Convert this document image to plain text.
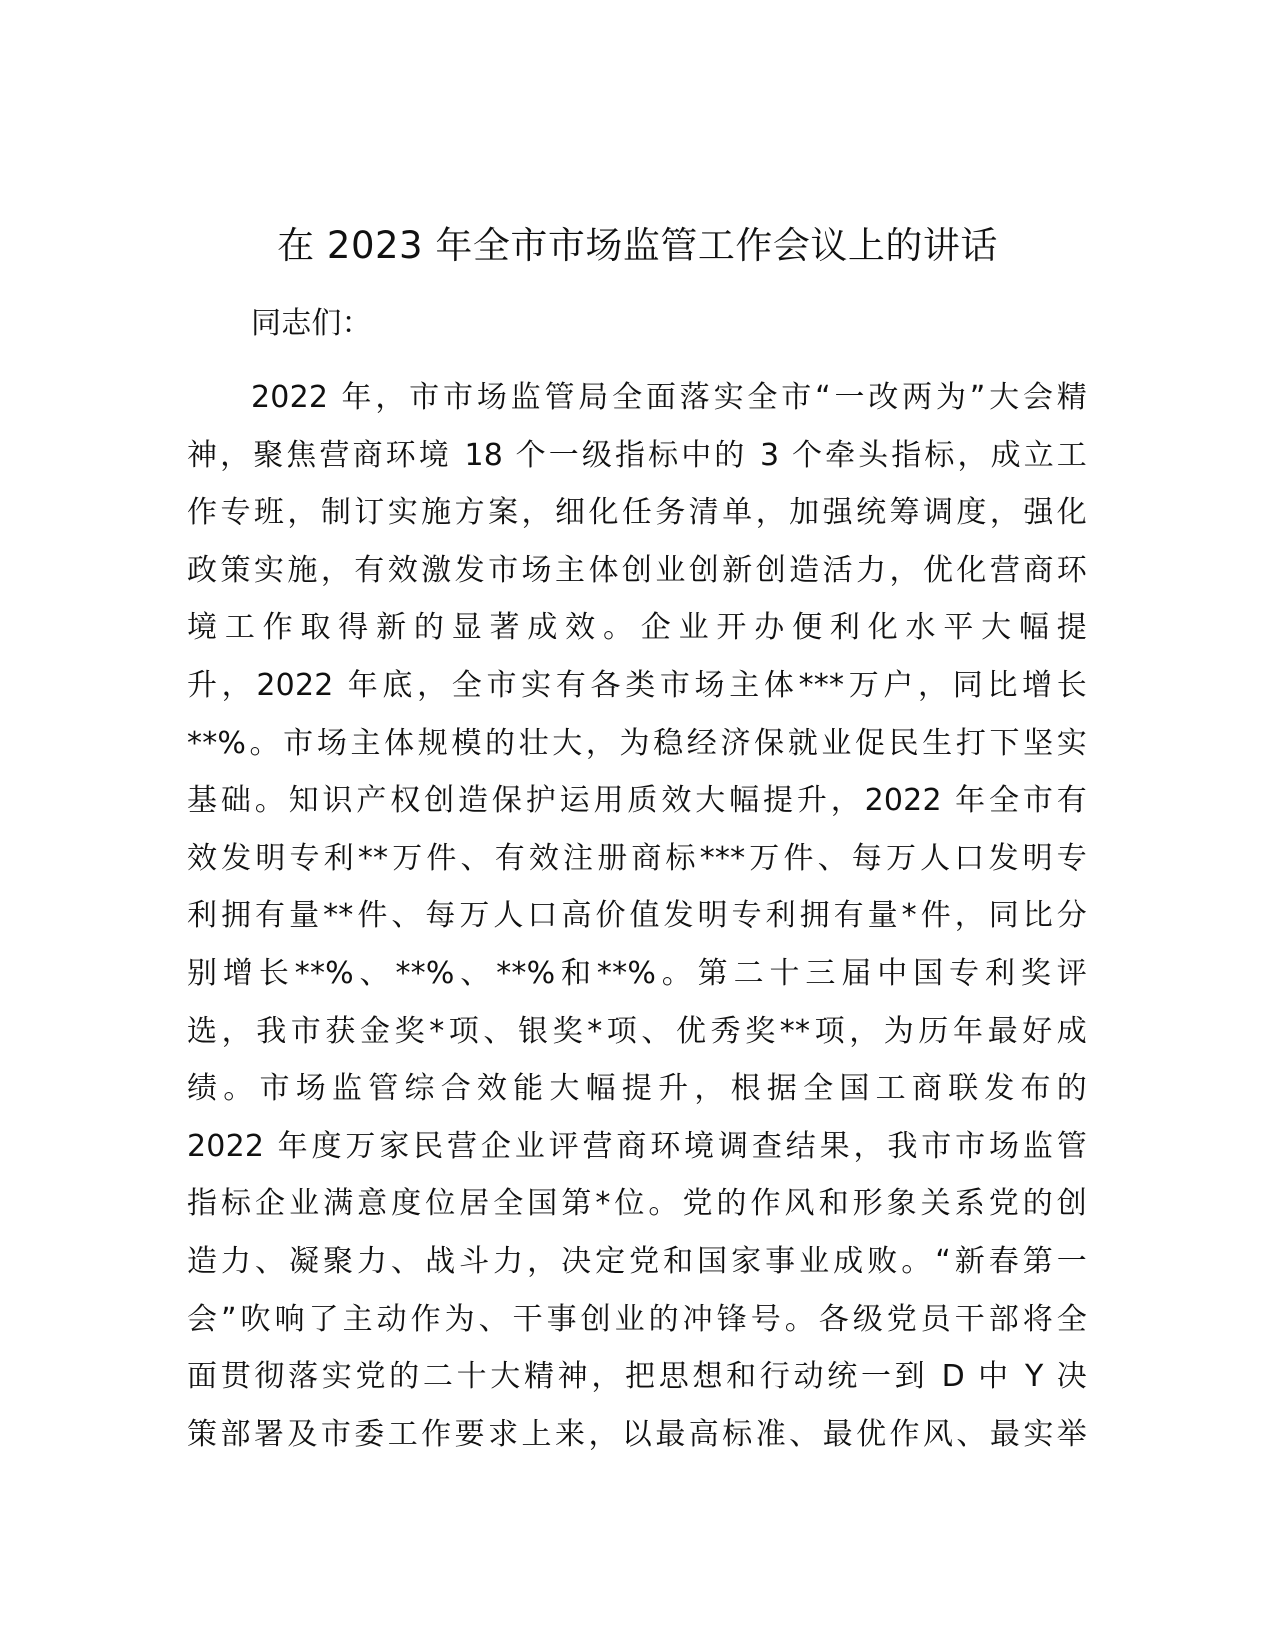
在 2023 年全市市场监管工作会议上的讲话
同志们：
2022 年，市市场监管局全面落实全市“一改两为”大会精
神，聚焦营商环境 18 个一级指标中的 3 个牵头指标，成立工
作专班，制订实施方案，细化任务清单，加强统筹调度，强化
政策实施，有效激发市场主体创业创新创造活力，优化营商环
境工作取得新的显著成效。企业开办便利化水平大幅提
升，2022 年底，全市实有各类市场主体***万户，同比增长
**%。市场主体规模的壮大，为稳经济保就业促民生打下坚实
基础。知识产权创造保护运用质效大幅提升，2022 年全市有
效发明专利**万件、有效注册商标***万件、每万人口发明专
利拥有量**件、每万人口高价值发明专利拥有量*件，同比分
别增长**%、**%、**%和**%。第二十三届中国专利奖评
选，我市获金奖*项、银奖*项、优秀奖**项，为历年最好成
绩。市场监管综合效能大幅提升，根据全国工商联发布的
2022 年度万家民营企业评营商环境调查结果，我市市场监管
指标企业满意度位居全国第*位。党的作风和形象关系党的创
造力、凝聚力、战斗力，决定党和国家事业成败。“新春第一
会”吹响了主动作为、干事创业的冲锋号。各级党员干部将全
面贯彻落实党的二十大精神，把思想和行动统一到 D 中 Y 决
策部署及市委工作要求上来，以最高标准、最优作风、最实举
